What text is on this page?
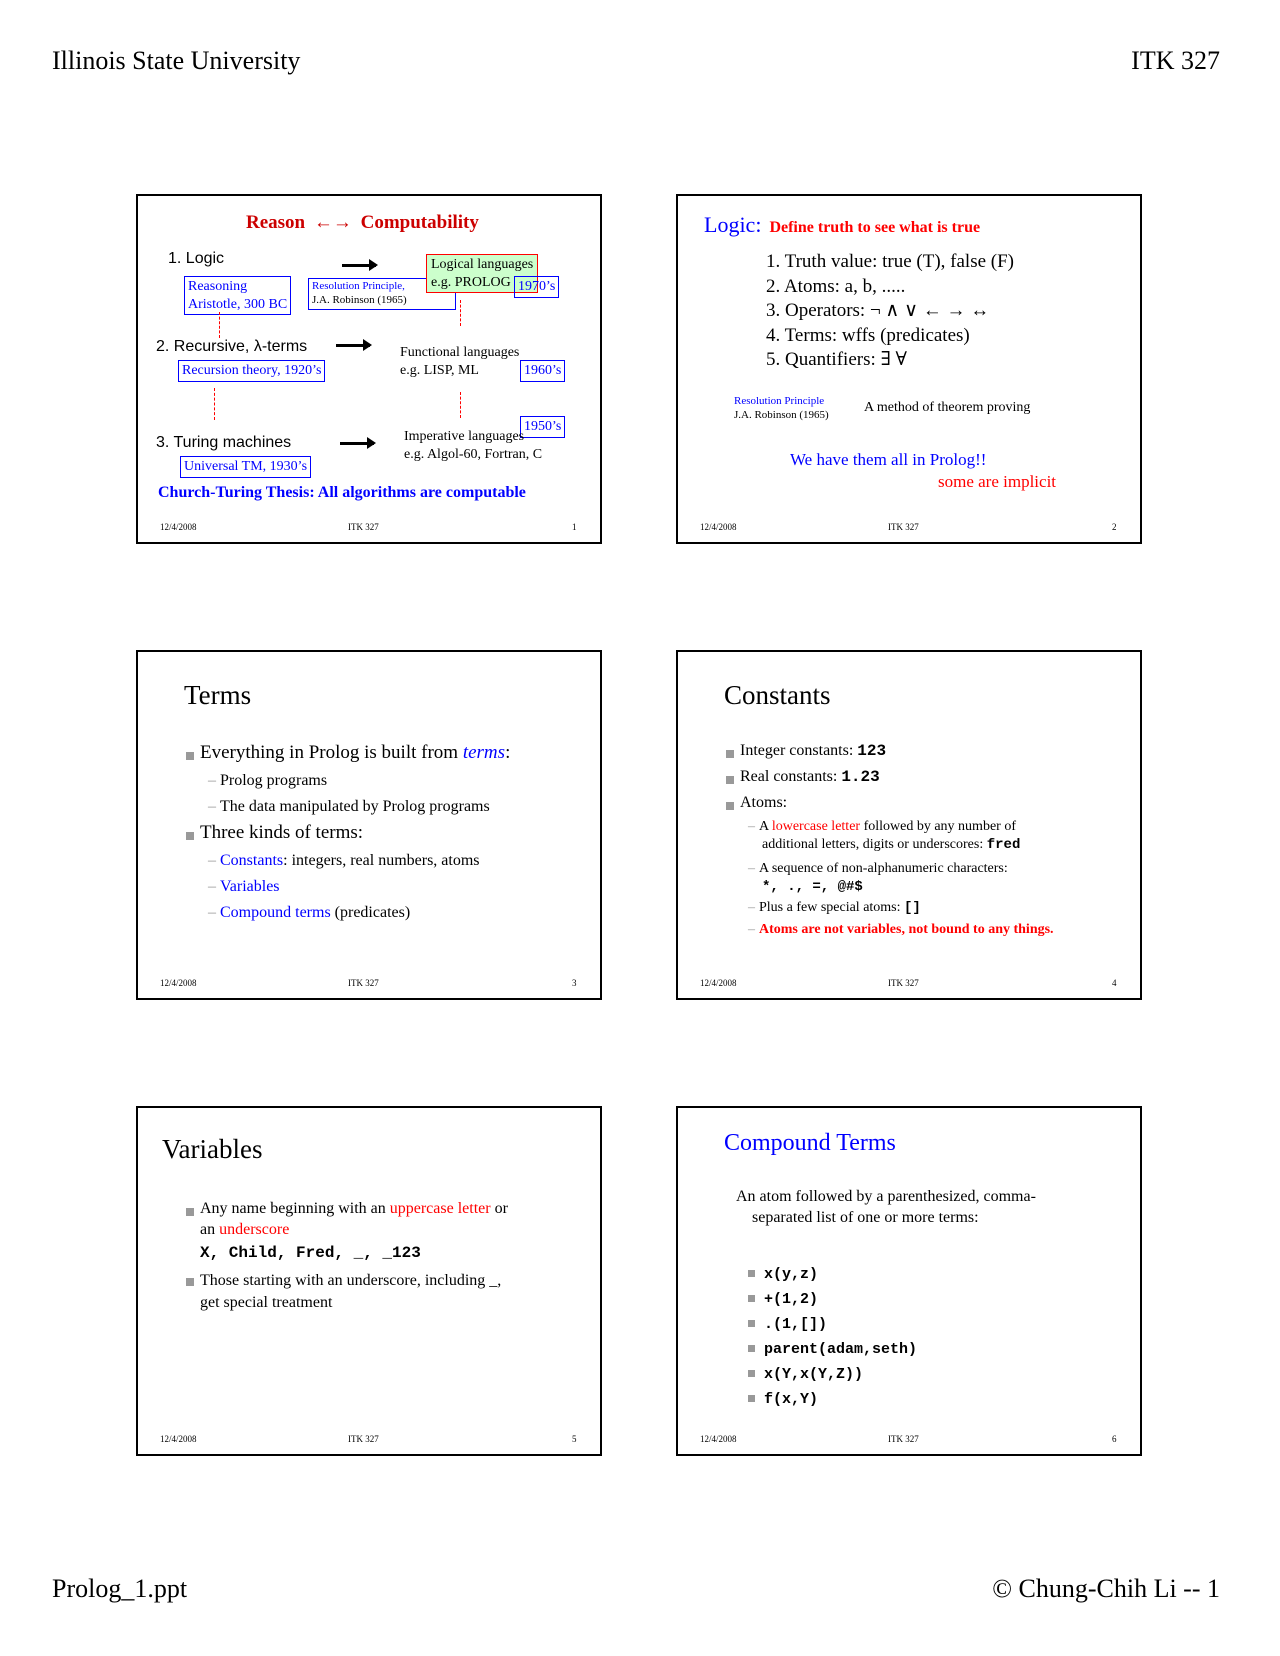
Illinois State University	ITK 327
Prolog_1.ppt	© Chung-Chih Li -- 1
Reason ←→ Computability
1. Logic
Reasoning
Aristotle, 300 BC
Resolution Principle,
J.A. Robinson (1965)
Logical languages
e.g. PROLOG 1970’s
2. Recursive, λ-terms
Recursion theory, 1920’s
Functional languages
e.g. LISP, ML	1960’s
1950’s
3. Turing machines	Imperative languages
e.g. Algol-60, Fortran, C
Universal TM, 1930’s
Church-Turing Thesis: All algorithms are computable
12/4/2008	ITK 327	1
Logic: Define truth to see what is true
1. Truth value: true (T), false (F)
2. Atoms: a, b, .....
3. Operators: ¬ ∧ ∨ ← → ↔
4. Terms: wffs (predicates)
5. Quantifiers: ∃ ∀
Resolution Principle
J.A. Robinson (1965)
A method of theorem proving
We have them all in Prolog!!
some are implicit
12/4/2008	ITK 327	2
Terms
Everything in Prolog is built from terms:
– Prolog programs
– The data manipulated by Prolog programs
Three kinds of terms:
– Constants: integers, real numbers, atoms
– Variables
– Compound terms (predicates)
12/4/2008	ITK 327	3
Constants
Integer constants: 123
Real constants: 1.23
Atoms:
– A lowercase letter followed by any number of
additional letters, digits or underscores: fred
– A sequence of non-alphanumeric characters:
*, ., =, @#$
– Plus a few special atoms: []
– Atoms are not variables, not bound to any things.
12/4/2008	ITK 327	4
Variables
Any name beginning with an uppercase letter or
an underscore
X, Child, Fred, _, _123
Those starting with an underscore, including _,
get special treatment
12/4/2008	ITK 327	5
Compound Terms
An atom followed by a parenthesized, comma-
separated list of one or more terms:
x(y,z)
+(1,2)
.(1,[])
parent(adam,seth)
x(Y,x(Y,Z))
f(x,Y)
12/4/2008	ITK 327	6
